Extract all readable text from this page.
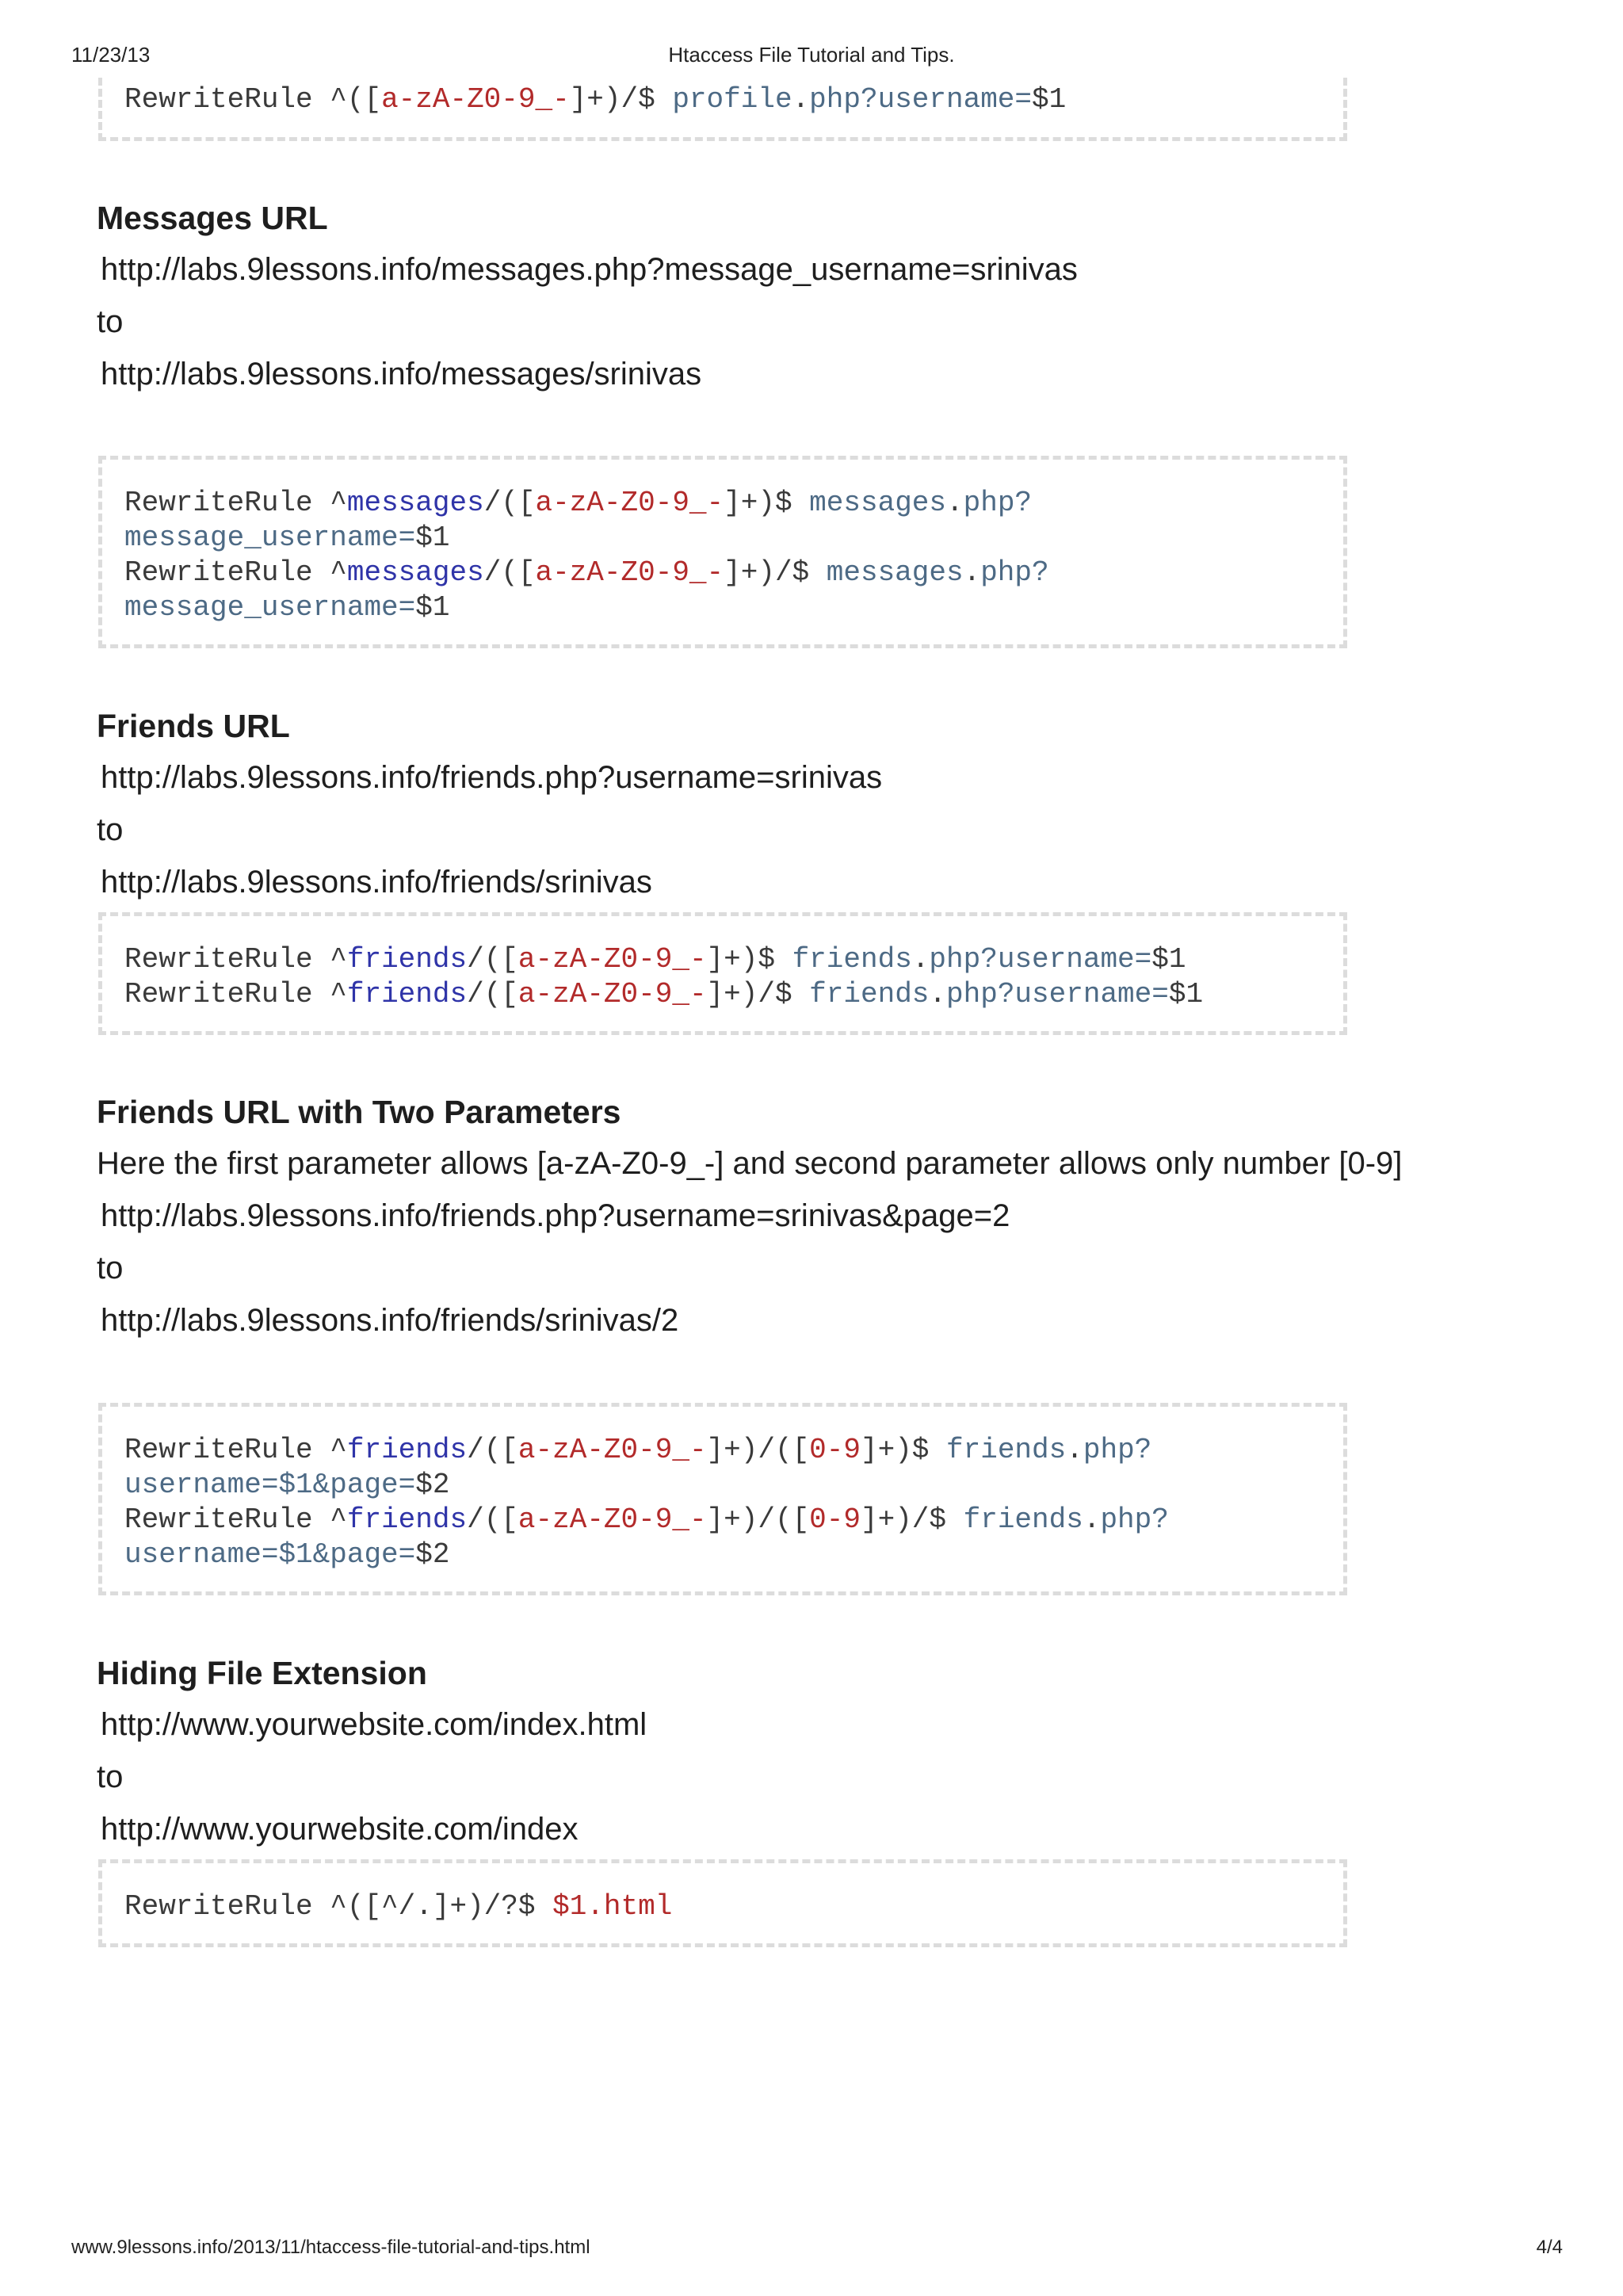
11/23/13	Htaccess File Tutorial and Tips.
RewriteRule ^([a-zA-Z0-9_-]+)/$ profile.php?username=$1
Messages URL
http://labs.9lessons.info/messages.php?message_username=srinivas
to
http://labs.9lessons.info/messages/srinivas
RewriteRule ^messages/([a-zA-Z0-9_-]+)$ messages.php?
message_username=$1
RewriteRule ^messages/([a-zA-Z0-9_-]+)/$ messages.php?
message_username=$1
Friends URL
http://labs.9lessons.info/friends.php?username=srinivas
to
http://labs.9lessons.info/friends/srinivas
RewriteRule ^friends/([a-zA-Z0-9_-]+)$ friends.php?username=$1
RewriteRule ^friends/([a-zA-Z0-9_-]+)/$ friends.php?username=$1
Friends URL with Two Parameters
Here the first parameter allows [a-zA-Z0-9_-] and second parameter allows only number [0-9]
http://labs.9lessons.info/friends.php?username=srinivas&page=2
to
http://labs.9lessons.info/friends/srinivas/2
RewriteRule ^friends/([a-zA-Z0-9_-]+)/([0-9]+)$ friends.php?
username=$1&page=$2
RewriteRule ^friends/([a-zA-Z0-9_-]+)/([0-9]+)/$ friends.php?
username=$1&page=$2
Hiding File Extension
http://www.yourwebsite.com/index.html
to
http://www.yourwebsite.com/index
RewriteRule ^([^/.]+)/?$ $1.html
www.9lessons.info/2013/11/htaccess-file-tutorial-and-tips.html	4/4
